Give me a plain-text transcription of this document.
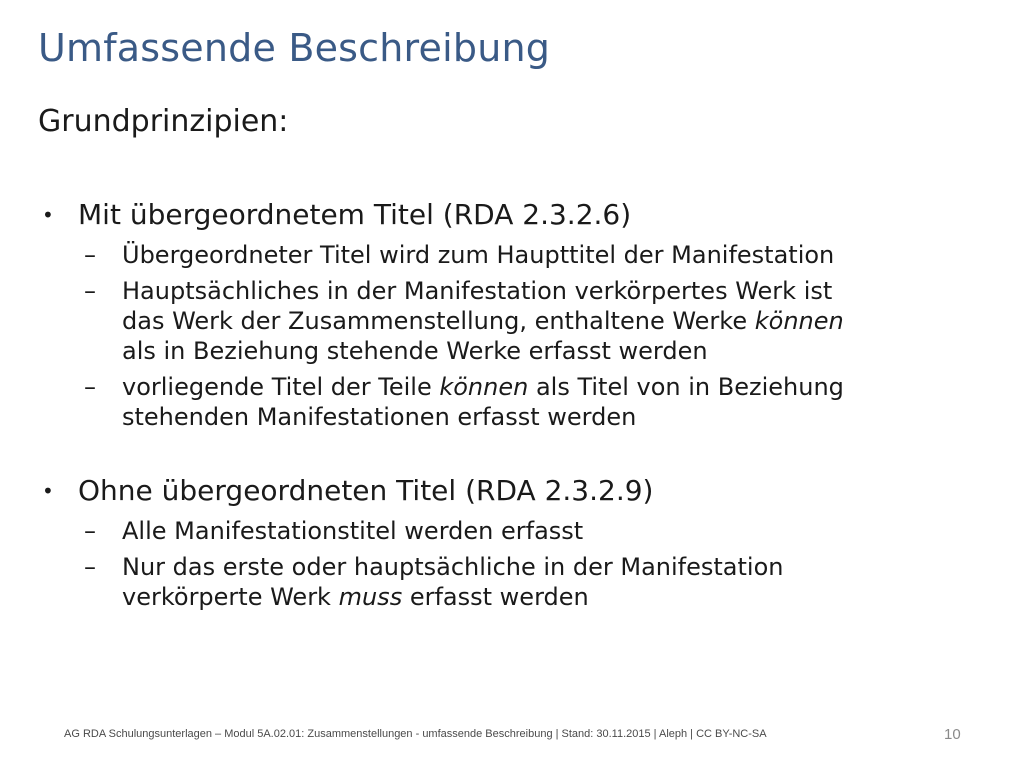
Umfassende Beschreibung
Grundprinzipien:
• Mit übergeordnetem Titel (RDA 2.3.2.6)
– Übergeordneter Titel wird zum Haupttitel der Manifestation
– Hauptsächliches in der Manifestation verkörpertes Werk ist
das Werk der Zusammenstellung, enthaltene Werke können
als in Beziehung stehende Werke erfasst werden
– vorliegende Titel der Teile können als Titel von in Beziehung
stehenden Manifestationen erfasst werden
• Ohne übergeordneten Titel (RDA 2.3.2.9)
– Alle Manifestationstitel werden erfasst
– Nur das erste oder hauptsächliche in der Manifestation
verkörperte Werk muss erfasst werden
AG RDA Schulungsunterlagen – Modul 5A.02.01: Zusammenstellungen - umfassende Beschreibung | Stand: 30.11.2015 | Aleph | CC BY-NC-SA	10
